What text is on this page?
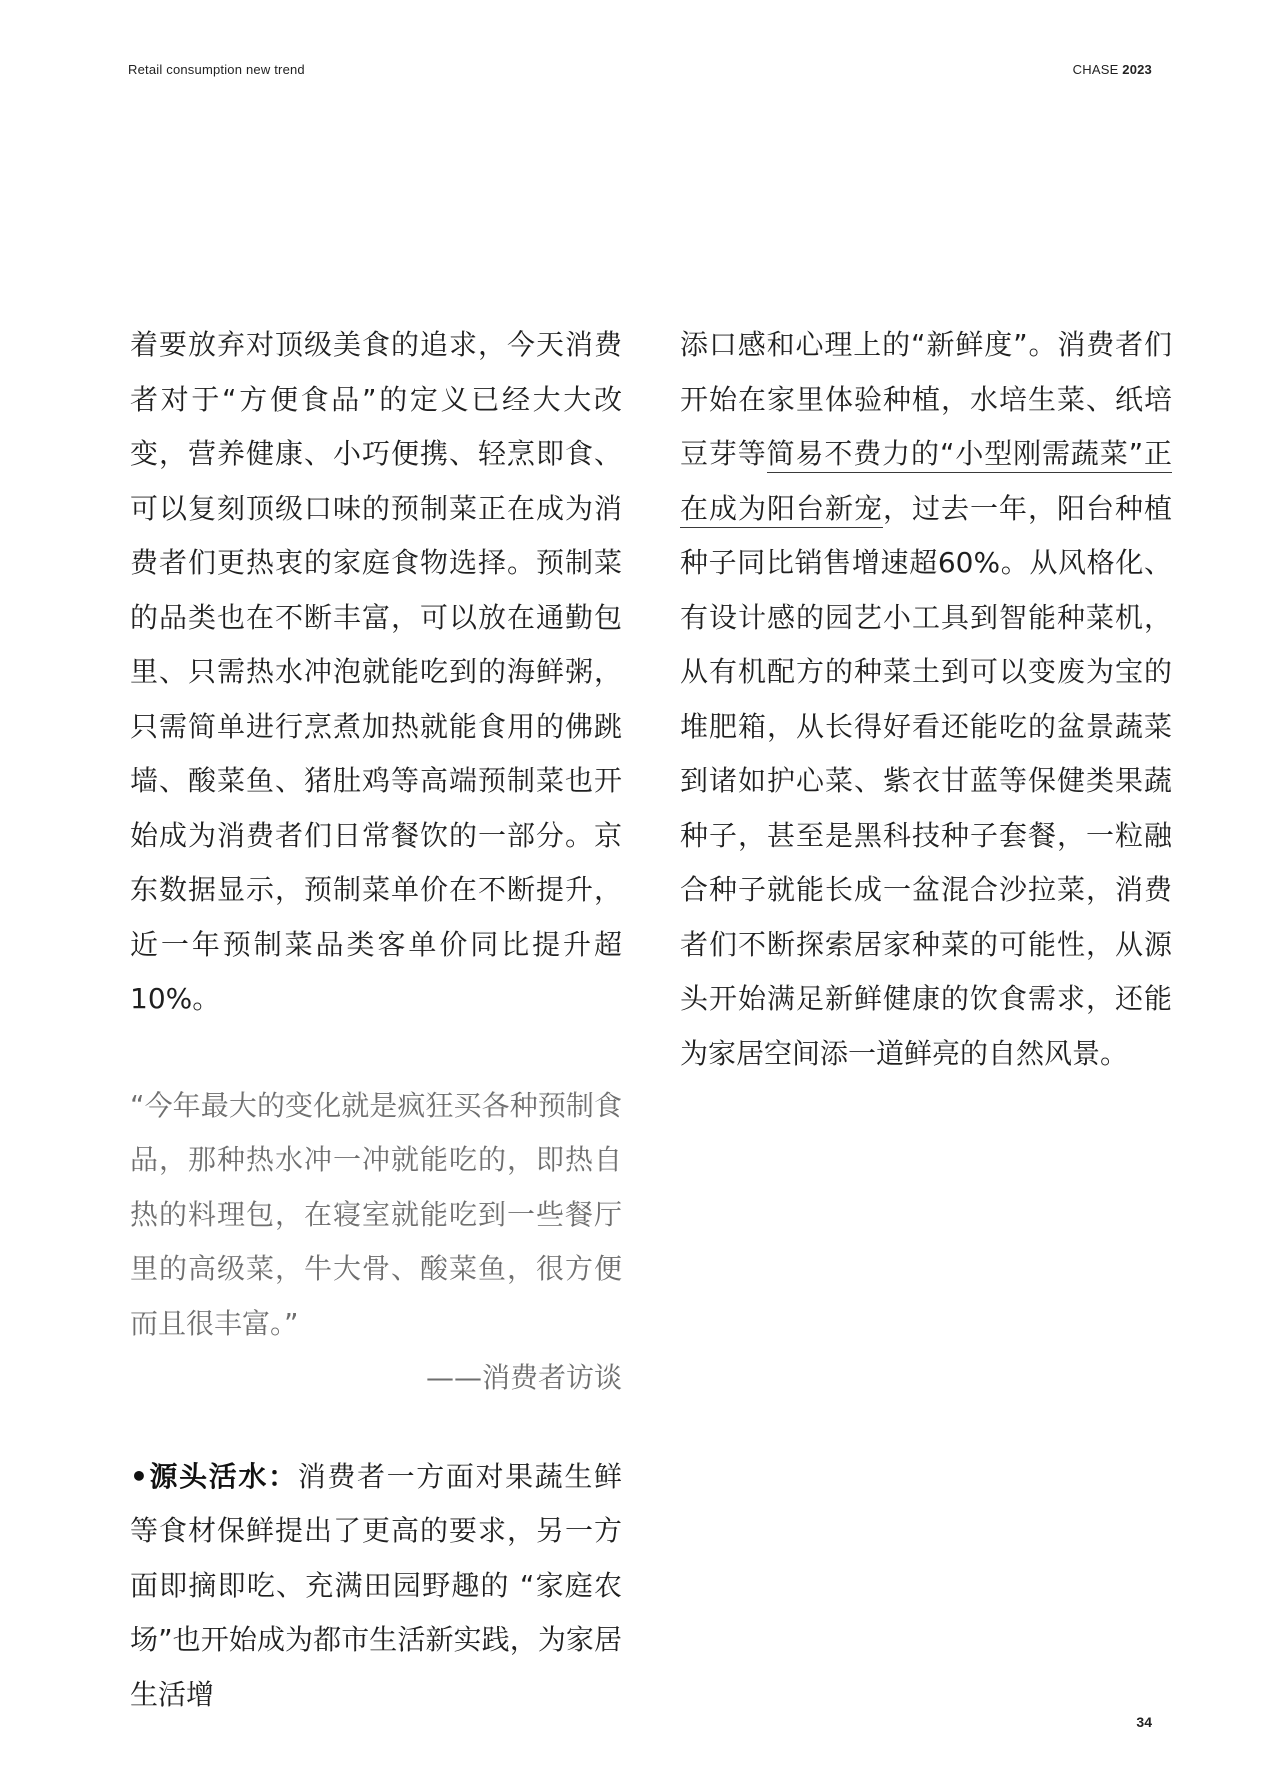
Retail consumption new trend	CHASE 2023

着要放弃对顶级美食的追求，今天消费者对于“方便食品”的定义已经大大改变，营养健康、小巧便携、轻烹即食、可以复刻顶级口味的预制菜正在成为消费者们更热衷的家庭食物选择。预制菜的品类也在不断丰富，可以放在通勤包里、只需热水冲泡就能吃到的海鲜粥，只需简单进行烹煮加热就能食用的佛跳墙、酸菜鱼、猪肚鸡等高端预制菜也开始成为消费者们日常餐饮的一部分。京东数据显示，预制菜单价在不断提升，近一年预制菜品类客单价同比提升超10%。

“今年最大的变化就是疯狂买各种预制食品，那种热水冲一冲就能吃的，即热自热的料理包，在寝室就能吃到一些餐厅里的高级菜，牛大骨、酸菜鱼，很方便而且很丰富。”

——消费者访谈

•源头活水：消费者一方面对果蔬生鲜等食材保鲜提出了更高的要求，另一方面即摘即吃、充满田园野趣的 “家庭农场”也开始成为都市生活新实践，为家居生活增

添口感和心理上的“新鲜度”。消费者们开始在家里体验种植，水培生菜、纸培豆芽等简易不费力的“小型刚需蔬菜”正在成为阳台新宠，过去一年，阳台种植种子同比销售增速超60%。从风格化、有设计感的园艺小工具到智能种菜机，从有机配方的种菜土到可以变废为宝的堆肥箱，从长得好看还能吃的盆景蔬菜到诸如护心菜、紫衣甘蓝等保健类果蔬种子，甚至是黑科技种子套餐，一粒融合种子就能长成一盆混合沙拉菜，消费者们不断探索居家种菜的可能性，从源头开始满足新鲜健康的饮食需求，还能为家居空间添一道鲜亮的自然风景。

34
